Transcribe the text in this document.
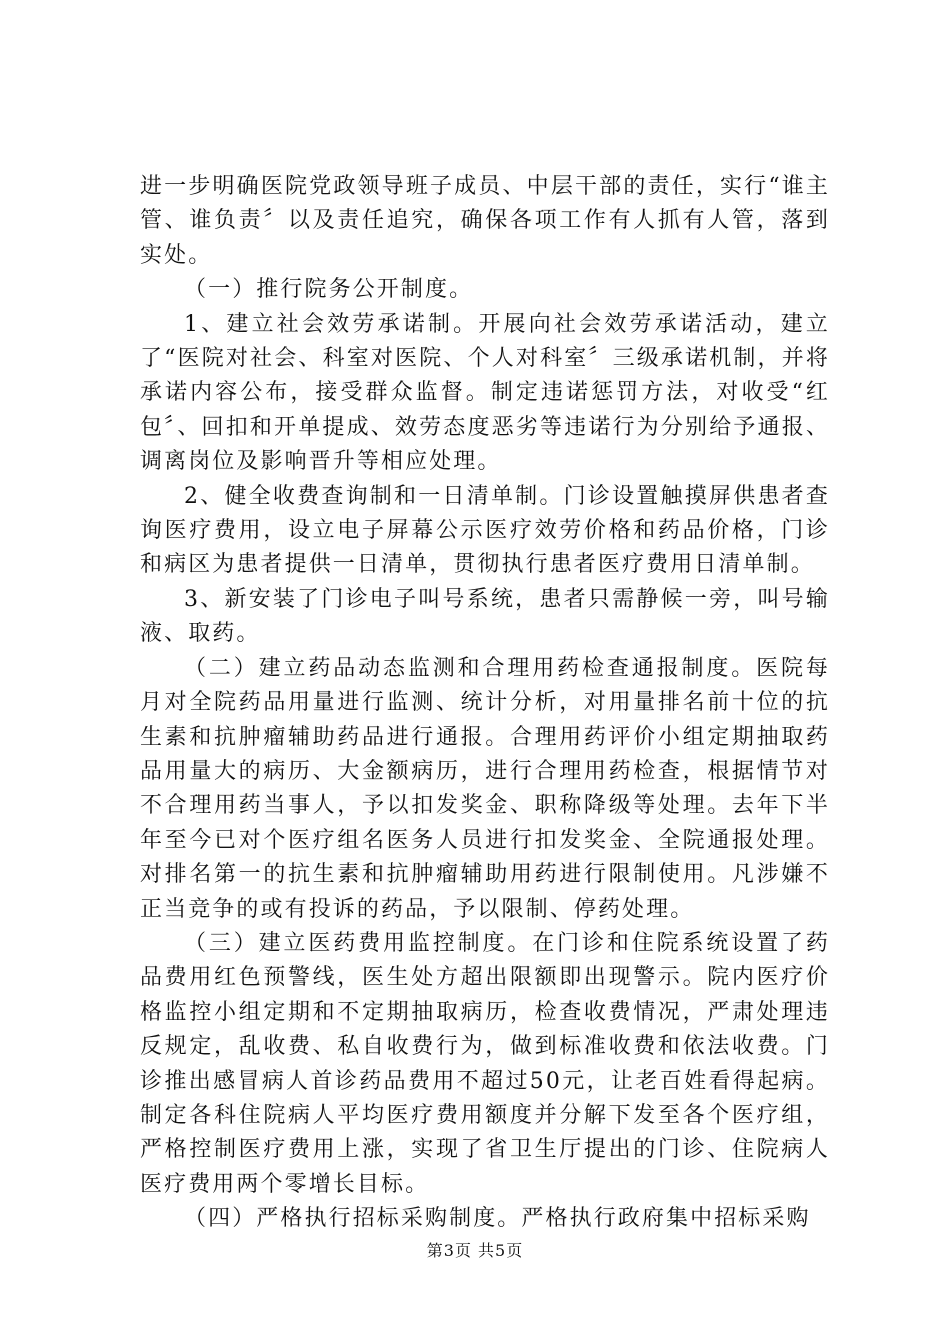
进一步明确医院党政领导班子成员、中层干部的责任，实行“谁主管、谁负责〞以及责任追究，确保各项工作有人抓有人管，落到实处。

（一）推行院务公开制度。

1、建立社会效劳承诺制。开展向社会效劳承诺活动，建立了“医院对社会、科室对医院、个人对科室〞三级承诺机制，并将承诺内容公布，接受群众监督。制定违诺惩罚方法，对收受“红包〞、回扣和开单提成、效劳态度恶劣等违诺行为分别给予通报、调离岗位及影响晋升等相应处理。

2、健全收费查询制和一日清单制。门诊设置触摸屏供患者查询医疗费用，设立电子屏幕公示医疗效劳价格和药品价格，门诊和病区为患者提供一日清单，贯彻执行患者医疗费用日清单制。

3、新安装了门诊电子叫号系统，患者只需静候一旁，叫号输液、取药。

（二）建立药品动态监测和合理用药检查通报制度。医院每月对全院药品用量进行监测、统计分析，对用量排名前十位的抗生素和抗肿瘤辅助药品进行通报。合理用药评价小组定期抽取药品用量大的病历、大金额病历，进行合理用药检查，根据情节对不合理用药当事人，予以扣发奖金、职称降级等处理。去年下半年至今已对个医疗组名医务人员进行扣发奖金、全院通报处理。对排名第一的抗生素和抗肿瘤辅助用药进行限制使用。凡涉嫌不正当竞争的或有投诉的药品，予以限制、停药处理。

（三）建立医药费用监控制度。在门诊和住院系统设置了药品费用红色预警线，医生处方超出限额即出现警示。院内医疗价格监控小组定期和不定期抽取病历，检查收费情况，严肃处理违反规定，乱收费、私自收费行为，做到标准收费和依法收费。门诊推出感冒病人首诊药品费用不超过50元，让老百姓看得起病。制定各科住院病人平均医疗费用额度并分解下发至各个医疗组，严格控制医疗费用上涨，实现了省卫生厅提出的门诊、住院病人医疗费用两个零增长目标。

（四）严格执行招标采购制度。严格执行政府集中招标采购

第3页 共5页
